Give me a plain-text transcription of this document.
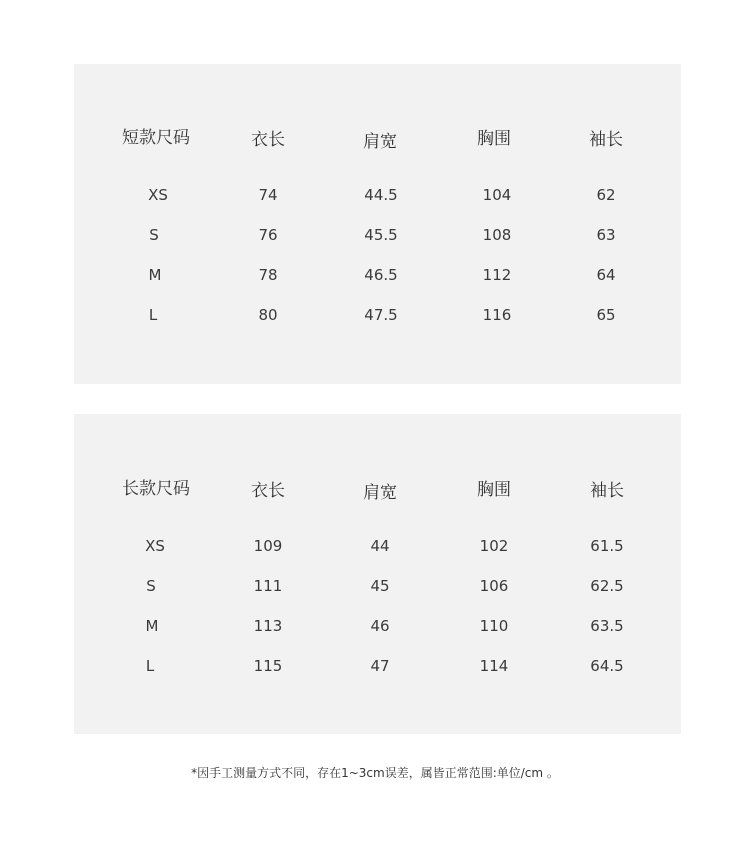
短款尺码	衣长	肩宽	胸围	袖长
XS	74	44.5	104	62
S	76	45.5	108	63
M	78	46.5	112	64
L	80	47.5	116	65
长款尺码	衣长	肩宽	胸围	袖长
XS	109	44	102	61.5
S	111	45	106	62.5
M	113	46	110	63.5
L	115	47	114	64.5
*因手工测量方式不同，存在1~3cm误差，属皆正常范围:单位/cm 。
